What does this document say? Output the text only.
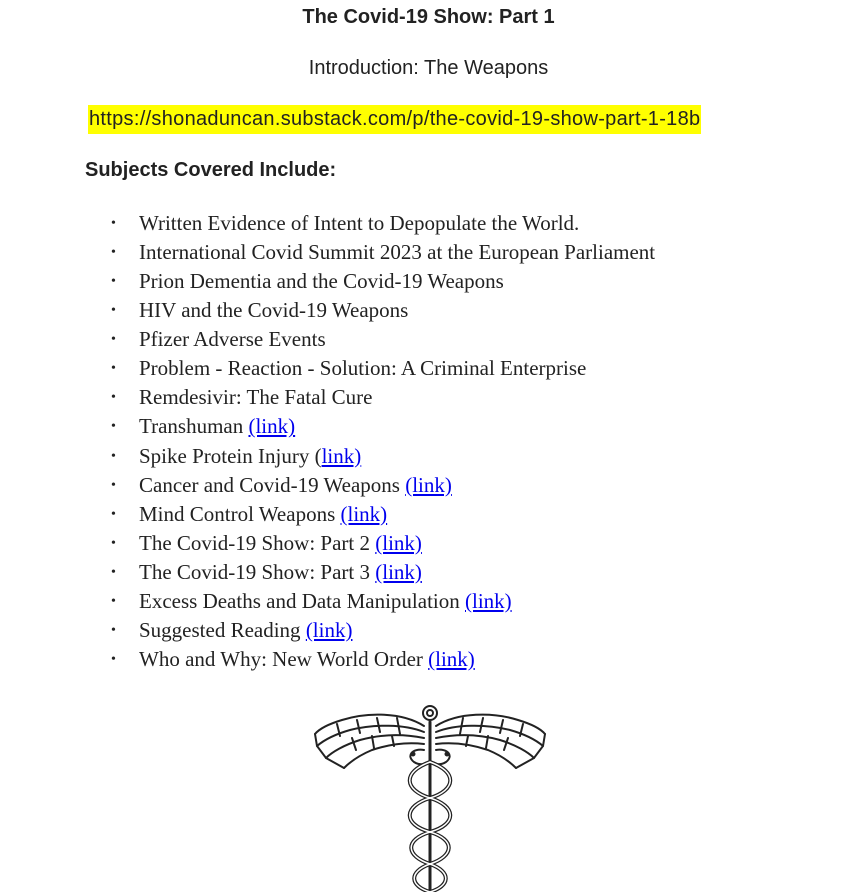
The Covid-19 Show: Part 1
Introduction: The Weapons
https://shonaduncan.substack.com/p/the-covid-19-show-part-1-18b
Subjects Covered Include:
• Written Evidence of Intent to Depopulate the World.
• International Covid Summit 2023 at the European Parliament
• Prion Dementia and the Covid-19 Weapons
• HIV and the Covid-19 Weapons
• Pfizer Adverse Events
• Problem - Reaction - Solution: A Criminal Enterprise
• Remdesivir: The Fatal Cure
• Transhuman (link)
• Spike Protein Injury (link)
• Cancer and Covid-19 Weapons (link)
• Mind Control Weapons (link)
• The Covid-19 Show: Part 2 (link)
• The Covid-19 Show: Part 3 (link)
• Excess Deaths and Data Manipulation (link)
• Suggested Reading (link)
• Who and Why: New World Order (link)
